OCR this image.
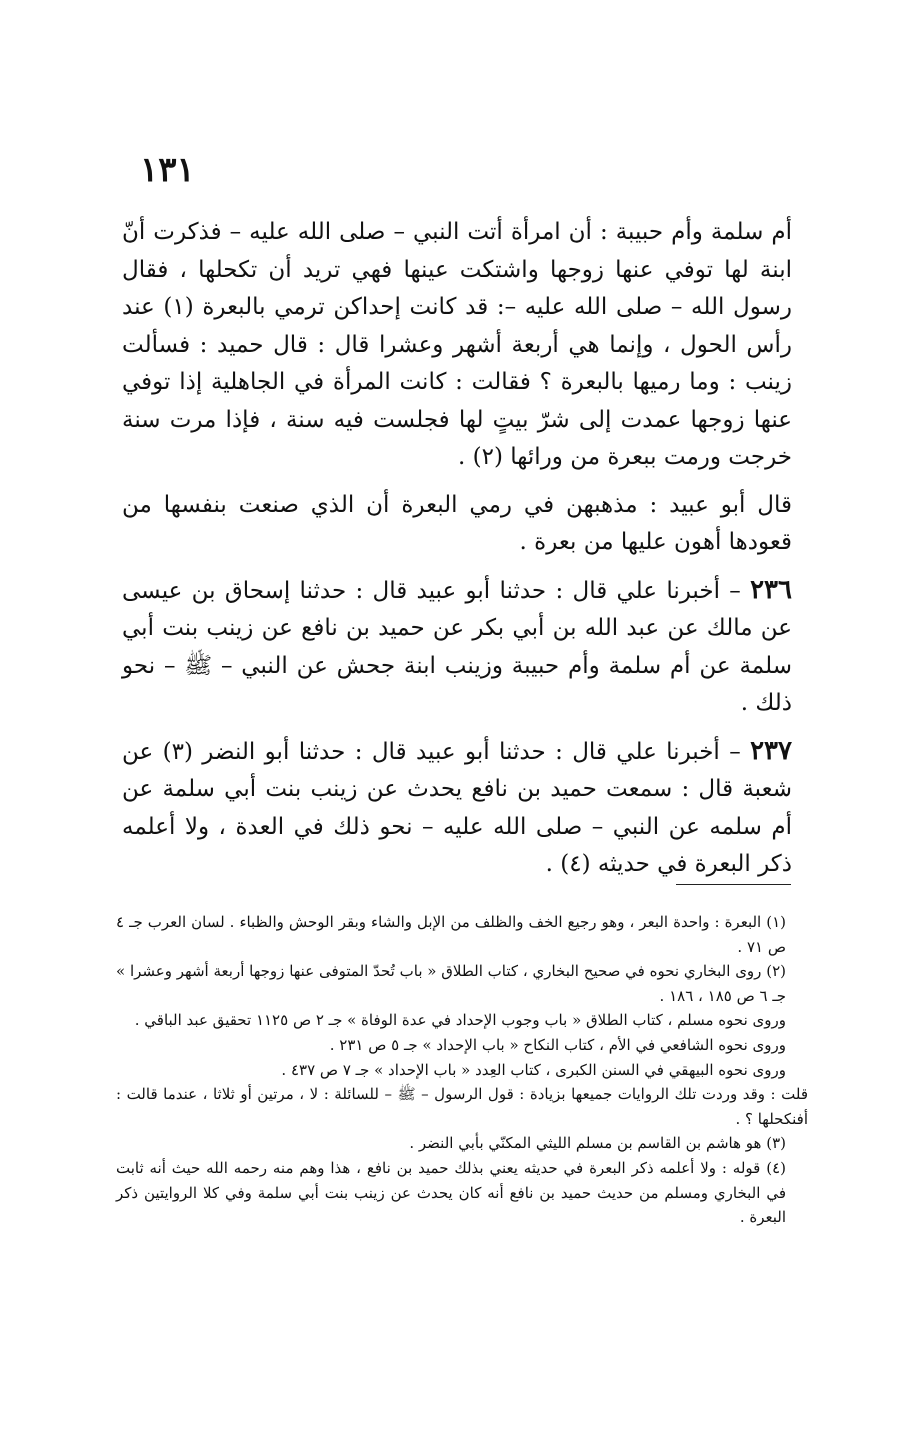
١٣١

أم سلمة وأم حبيبة : أن امرأة أتت النبي – صلى الله عليه – فذكرت أنّ ابنة لها توفي عنها زوجها واشتكت عينها فهي تريد أن تكحلها ، فقال رسول الله – صلى الله عليه –: قد كانت إحداكن ترمي بالبعرة (١) عند رأس الحول ، وإنما هي أربعة أشهر وعشرا قال : قال حميد : فسألت زينب : وما رميها بالبعرة ؟ فقالت : كانت المرأة في الجاهلية إذا توفي عنها زوجها عمدت إلى شرّ بيتٍ لها فجلست فيه سنة ، فإذا مرت سنة خرجت ورمت ببعرة من ورائها (٢) .

قال أبو عبيد : مذهبهن في رمي البعرة أن الذي صنعت بنفسها من قعودها أهون عليها من بعرة .

٢٣٦ – أخبرنا علي قال : حدثنا أبو عبيد قال : حدثنا إسحاق بن عيسى عن مالك عن عبد الله بن أبي بكر عن حميد بن نافع عن زينب بنت أبي سلمة عن أم سلمة وأم حبيبة وزينب ابنة جحش عن النبي – ﷺ – نحو ذلك .

٢٣٧ – أخبرنا علي قال : حدثنا أبو عبيد قال : حدثنا أبو النضر (٣) عن شعبة قال : سمعت حميد بن نافع يحدث عن زينب بنت أبي سلمة عن أم سلمه عن النبي – صلى الله عليه – نحو ذلك في العدة ، ولا أعلمه ذكر البعرة في حديثه (٤) .

(١) البعرة : واحدة البعر ، وهو رجيع الخف والظلف من الإبل والشاء وبقر الوحش والظباء . لسان العرب جـ ٤ ص ٧١ .

(٢) روى البخاري نحوه في صحيح البخاري ، كتاب الطلاق « باب تُحدّ المتوفى عنها زوجها أربعة أشهر وعشرا » جـ ٦ ص ١٨٥ ، ١٨٦ .

وروى نحوه مسلم ، كتاب الطلاق « باب وجوب الإحداد في عدة الوفاة » جـ ٢ ص ١١٢٥ تحقيق عبد الباقي .

وروى نحوه الشافعي في الأم ، كتاب النكاح « باب الإحداد » جـ ٥ ص ٢٣١ .

وروى نحوه البيهقي في السنن الكبرى ، كتاب العِدد « باب الإحداد » جـ ٧ ص ٤٣٧ .

قلت : وقد وردت تلك الروايات جميعها بزيادة : قول الرسول – ﷺ – للسائلة : لا ، مرتين أو ثلاثا ، عندما قالت : أفنكحلها ؟ .

(٣) هو هاشم بن القاسم بن مسلم الليثي المكنّي بأبي النضر .

(٤) قوله : ولا أعلمه ذكر البعرة في حديثه يعني بذلك حميد بن نافع ، هذا وهم منه رحمه الله حيث أنه ثابت في البخاري ومسلم من حديث حميد بن نافع أنه كان يحدث عن زينب بنت أبي سلمة وفي كلا الروايتين ذكر البعرة .
